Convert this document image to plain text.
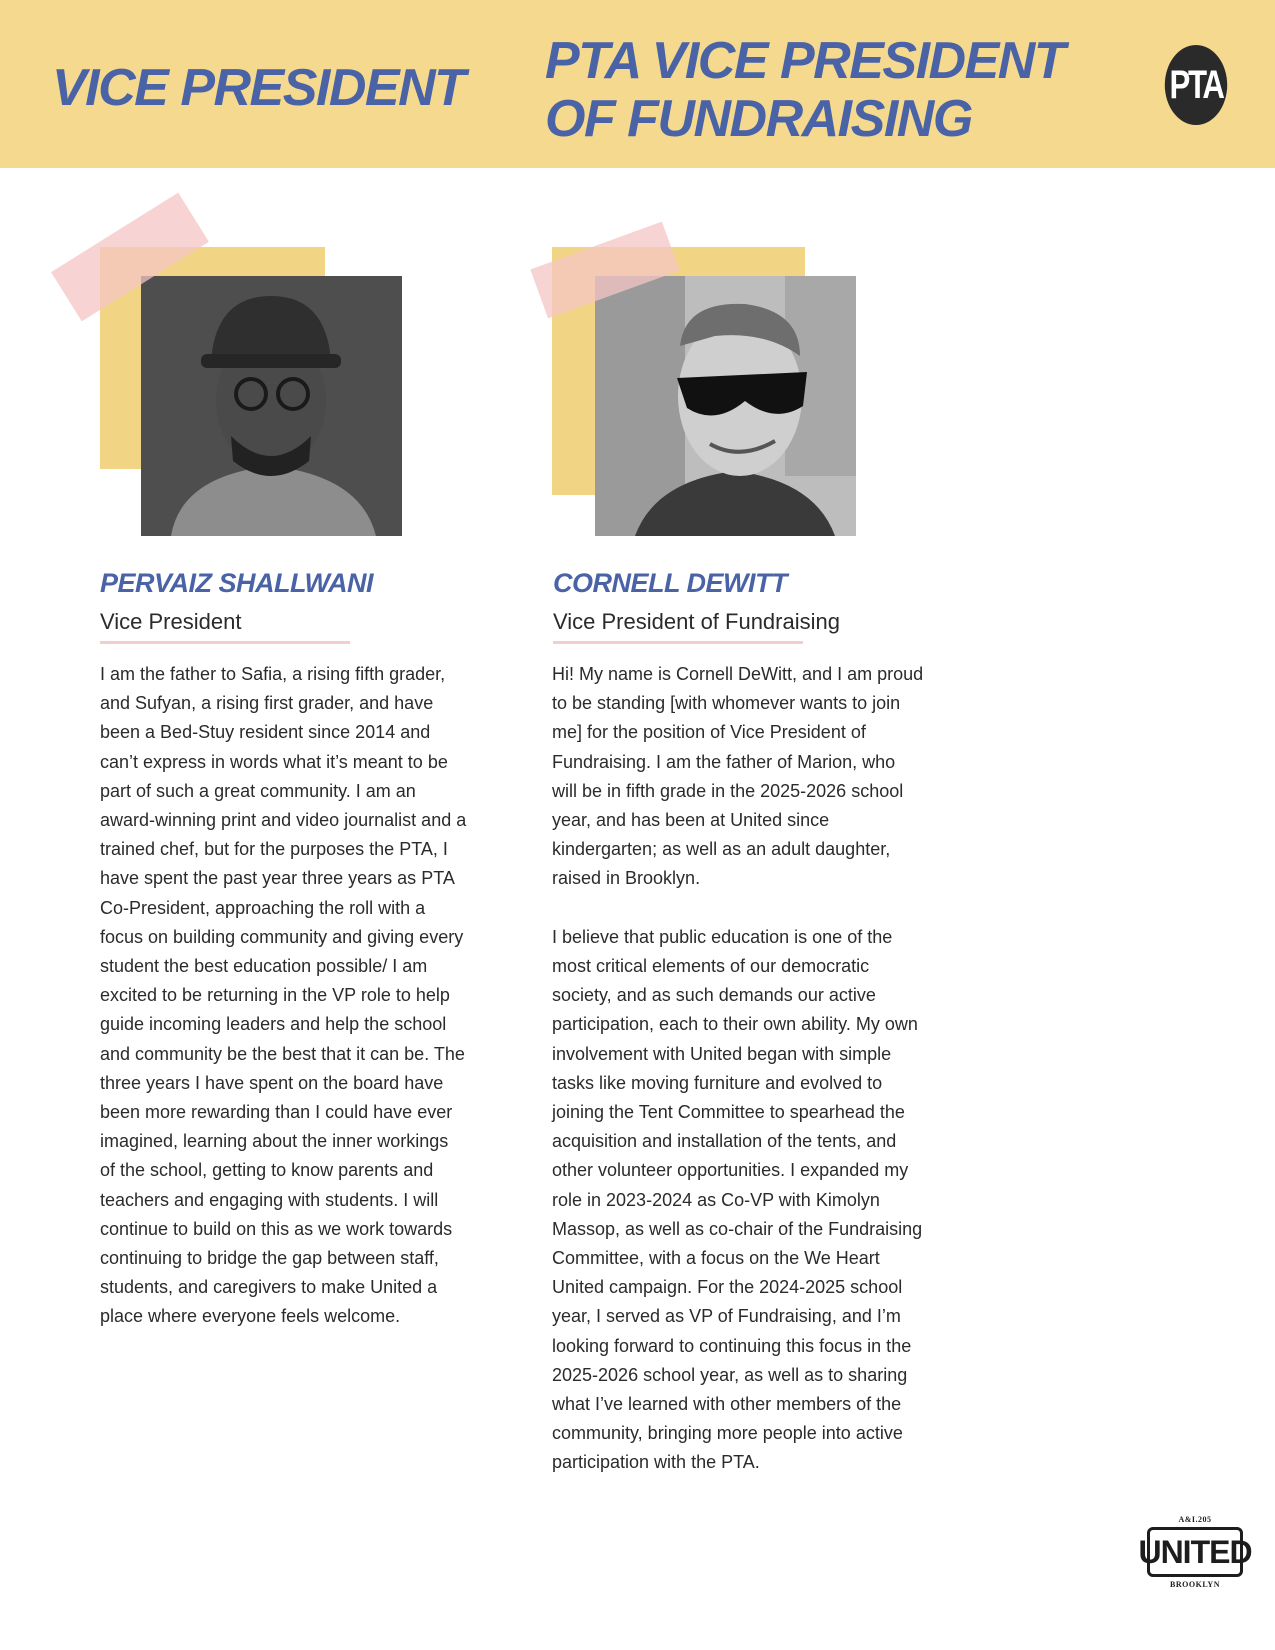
VICE PRESIDENT	PTA VICE PRESIDENT OF FUNDRAISING
PTA
PERVAIZ SHALLWANI
Vice President

I am the father to Safia, a rising fifth grader, and Sufyan, a rising first grader, and have been a Bed-Stuy resident since 2014 and can’t express in words what it’s meant to be part of such a great community. I am an award-winning print and video journalist and a trained chef, but for the purposes the PTA, I have spent the past year three years as PTA Co-President, approaching the roll with a focus on building community and giving every student the best education possible/ I am excited to be returning in the VP role to help guide incoming leaders and help the school and community be the best that it can be. The three years I have spent on the board have been more rewarding than I could have ever imagined, learning about the inner workings of the school, getting to know parents and teachers and engaging with students. I will continue to build on this as we work towards continuing to bridge the gap between staff, students, and caregivers to make United a place where everyone feels welcome.

CORNELL DEWITT
Vice President of Fundraising

Hi! My name is Cornell DeWitt, and I am proud to be standing [with whomever wants to join me] for the position of Vice President of Fundraising. I am the father of Marion, who will be in fifth grade in the 2025-2026 school year, and has been at United since kindergarten; as well as an adult daughter, raised in Brooklyn.

I believe that public education is one of the most critical elements of our democratic society, and as such demands our active participation, each to their own ability. My own involvement with United began with simple tasks like moving furniture and evolved to joining the Tent Committee to spearhead the acquisition and installation of the tents, and other volunteer opportunities. I expanded my role in 2023-2024 as Co-VP with Kimolyn Massop, as well as co-chair of the Fundraising Committee, with a focus on the We Heart United campaign. For the 2024-2025 school year, I served as VP of Fundraising, and I’m looking forward to continuing this focus in the 2025-2026 school year, as well as to sharing what I’ve learned with other members of the community, bringing more people into active participation with the PTA.

A&I.205
UNITED
BROOKLYN
